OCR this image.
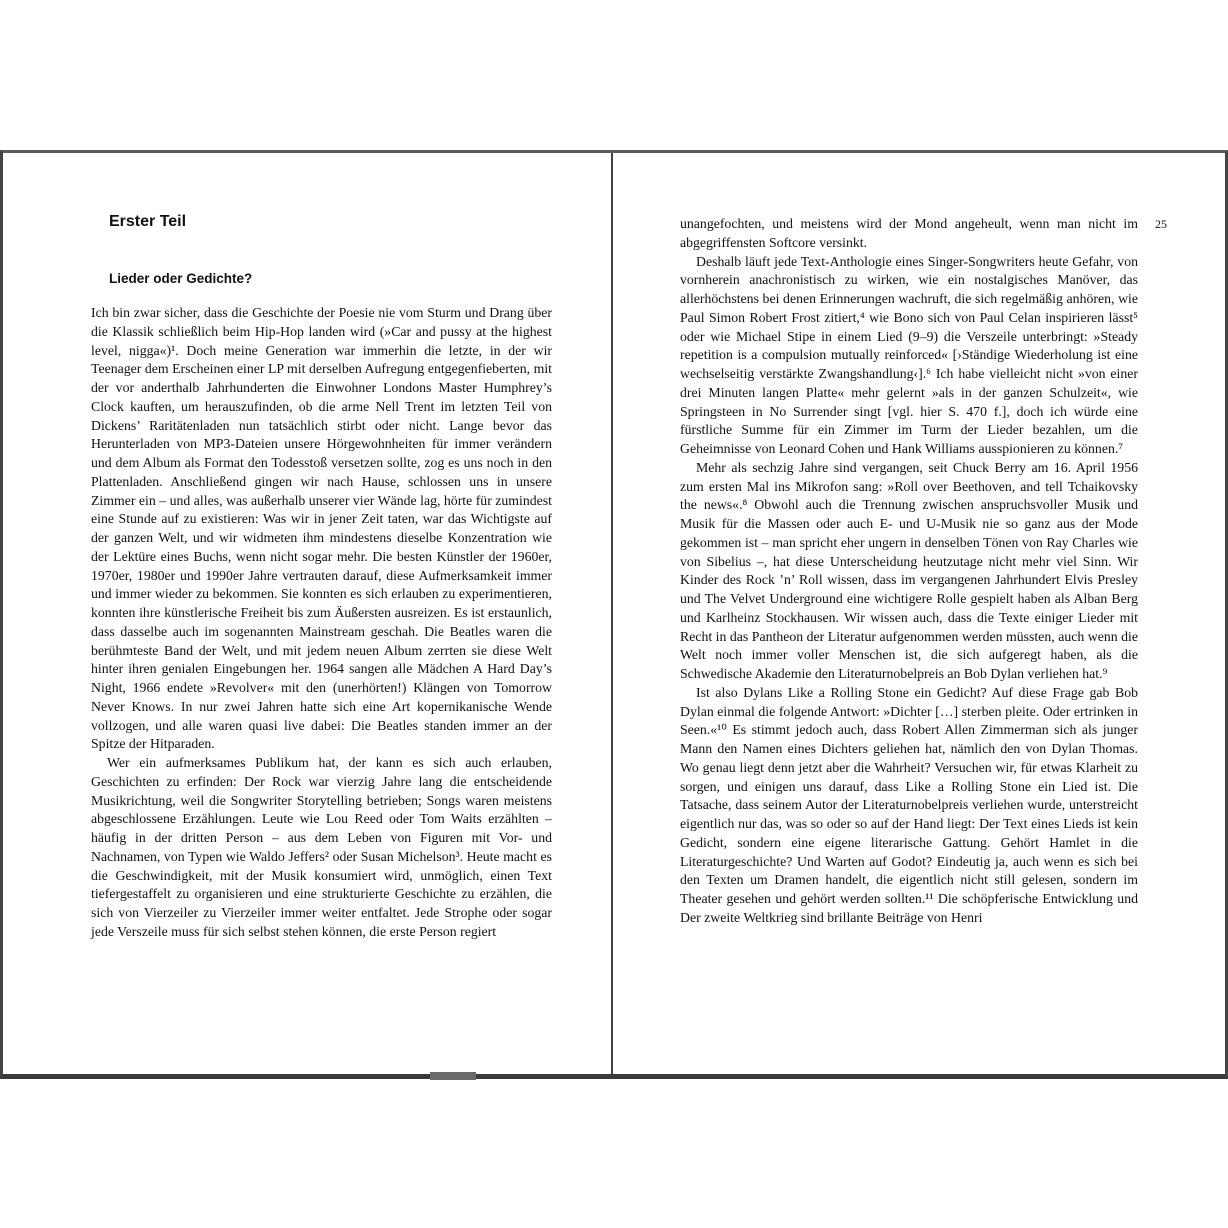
Erster Teil
Lieder oder Gedichte?

Ich bin zwar sicher, dass die Geschichte der Poesie nie vom Sturm und Drang über die Klassik schließlich beim Hip-Hop landen wird (»Car and pussy at the highest level, nigga«)¹. Doch meine Generation war immerhin die letzte, in der wir Teenager dem Erscheinen einer LP mit derselben Aufregung entgegenfieberten, mit der vor anderthalb Jahrhunderten die Einwohner Londons Master Humphrey’s Clock kauften, um herauszufinden, ob die arme Nell Trent im letzten Teil von Dickens’ Raritätenladen nun tatsächlich stirbt oder nicht. Lange bevor das Herunterladen von MP3-Dateien unsere Hörgewohnheiten für immer verändern und dem Album als Format den Todesstoß versetzen sollte, zog es uns noch in den Plattenladen. Anschließend gingen wir nach Hause, schlossen uns in unsere Zimmer ein – und alles, was außerhalb unserer vier Wände lag, hörte für zumindest eine Stunde auf zu existieren: Was wir in jener Zeit taten, war das Wichtigste auf der ganzen Welt, und wir widmeten ihm mindestens dieselbe Konzentration wie der Lektüre eines Buchs, wenn nicht sogar mehr. Die besten Künstler der 1960er, 1970er, 1980er und 1990er Jahre vertrauten darauf, diese Aufmerksamkeit immer und immer wieder zu bekommen. Sie konnten es sich erlauben zu experimentieren, konnten ihre künstlerische Freiheit bis zum Äußersten ausreizen. Es ist erstaunlich, dass dasselbe auch im sogenannten Mainstream geschah. Die Beatles waren die berühmteste Band der Welt, und mit jedem neuen Album zerrten sie diese Welt hinter ihren genialen Eingebungen her. 1964 sangen alle Mädchen A Hard Day’s Night, 1966 endete »Revolver« mit den (unerhörten!) Klängen von Tomorrow Never Knows. In nur zwei Jahren hatte sich eine Art kopernikanische Wende vollzogen, und alle waren quasi live dabei: Die Beatles standen immer an der Spitze der Hitparaden.

Wer ein aufmerksames Publikum hat, der kann es sich auch erlauben, Geschichten zu erfinden: Der Rock war vierzig Jahre lang die entscheidende Musikrichtung, weil die Songwriter Storytelling betrieben; Songs waren meistens abgeschlossene Erzählungen. Leute wie Lou Reed oder Tom Waits erzählten – häufig in der dritten Person – aus dem Leben von Figuren mit Vor- und Nachnamen, von Typen wie Waldo Jeffers² oder Susan Michelson³. Heute macht es die Geschwindigkeit, mit der Musik konsumiert wird, unmöglich, einen Text tiefergestaffelt zu organisieren und eine strukturierte Geschichte zu erzählen, die sich von Vierzeiler zu Vierzeiler immer weiter entfaltet. Jede Strophe oder sogar jede Verszeile muss für sich selbst stehen können, die erste Person regiert

unangefochten, und meistens wird der Mond angeheult, wenn man nicht im abgegriffensten Softcore versinkt.

Deshalb läuft jede Text-Anthologie eines Singer-Songwriters heute Gefahr, von vornherein anachronistisch zu wirken, wie ein nostalgisches Manöver, das allerhöchstens bei denen Erinnerungen wachruft, die sich regelmäßig anhören, wie Paul Simon Robert Frost zitiert,⁴ wie Bono sich von Paul Celan inspirieren lässt⁵ oder wie Michael Stipe in einem Lied (9–9) die Verszeile unterbringt: »Steady repetition is a compulsion mutually reinforced« [›Ständige Wiederholung ist eine wechselseitig verstärkte Zwangshandlung‹].⁶ Ich habe vielleicht nicht »von einer drei Minuten langen Platte« mehr gelernt »als in der ganzen Schulzeit«, wie Springsteen in No Surrender singt [vgl. hier S. 470 f.], doch ich würde eine fürstliche Summe für ein Zimmer im Turm der Lieder bezahlen, um die Geheimnisse von Leonard Cohen und Hank Williams ausspionieren zu können.⁷

Mehr als sechzig Jahre sind vergangen, seit Chuck Berry am 16. April 1956 zum ersten Mal ins Mikrofon sang: »Roll over Beethoven, and tell Tchaikovsky the news«.⁸ Obwohl auch die Trennung zwischen anspruchsvoller Musik und Musik für die Massen oder auch E- und U-Musik nie so ganz aus der Mode gekommen ist – man spricht eher ungern in denselben Tönen von Ray Charles wie von Sibelius –, hat diese Unterscheidung heutzutage nicht mehr viel Sinn. Wir Kinder des Rock ’n’ Roll wissen, dass im vergangenen Jahrhundert Elvis Presley und The Velvet Underground eine wichtigere Rolle gespielt haben als Alban Berg und Karlheinz Stockhausen. Wir wissen auch, dass die Texte einiger Lieder mit Recht in das Pantheon der Literatur aufgenommen werden müssten, auch wenn die Welt noch immer voller Menschen ist, die sich aufgeregt haben, als die Schwedische Akademie den Literaturnobelpreis an Bob Dylan verliehen hat.⁹

Ist also Dylans Like a Rolling Stone ein Gedicht? Auf diese Frage gab Bob Dylan einmal die folgende Antwort: »Dichter […] sterben pleite. Oder ertrinken in Seen.«¹⁰ Es stimmt jedoch auch, dass Robert Allen Zimmerman sich als junger Mann den Namen eines Dichters geliehen hat, nämlich den von Dylan Thomas. Wo genau liegt denn jetzt aber die Wahrheit? Versuchen wir, für etwas Klarheit zu sorgen, und einigen uns darauf, dass Like a Rolling Stone ein Lied ist. Die Tatsache, dass seinem Autor der Literaturnobelpreis verliehen wurde, unterstreicht eigentlich nur das, was so oder so auf der Hand liegt: Der Text eines Lieds ist kein Gedicht, sondern eine eigene literarische Gattung. Gehört Hamlet in die Literaturgeschichte? Und Warten auf Godot? Eindeutig ja, auch wenn es sich bei den Texten um Dramen handelt, die eigentlich nicht still gelesen, sondern im Theater gesehen und gehört werden sollten.¹¹ Die schöpferische Entwicklung und Der zweite Weltkrieg sind brillante Beiträge von Henri

25
